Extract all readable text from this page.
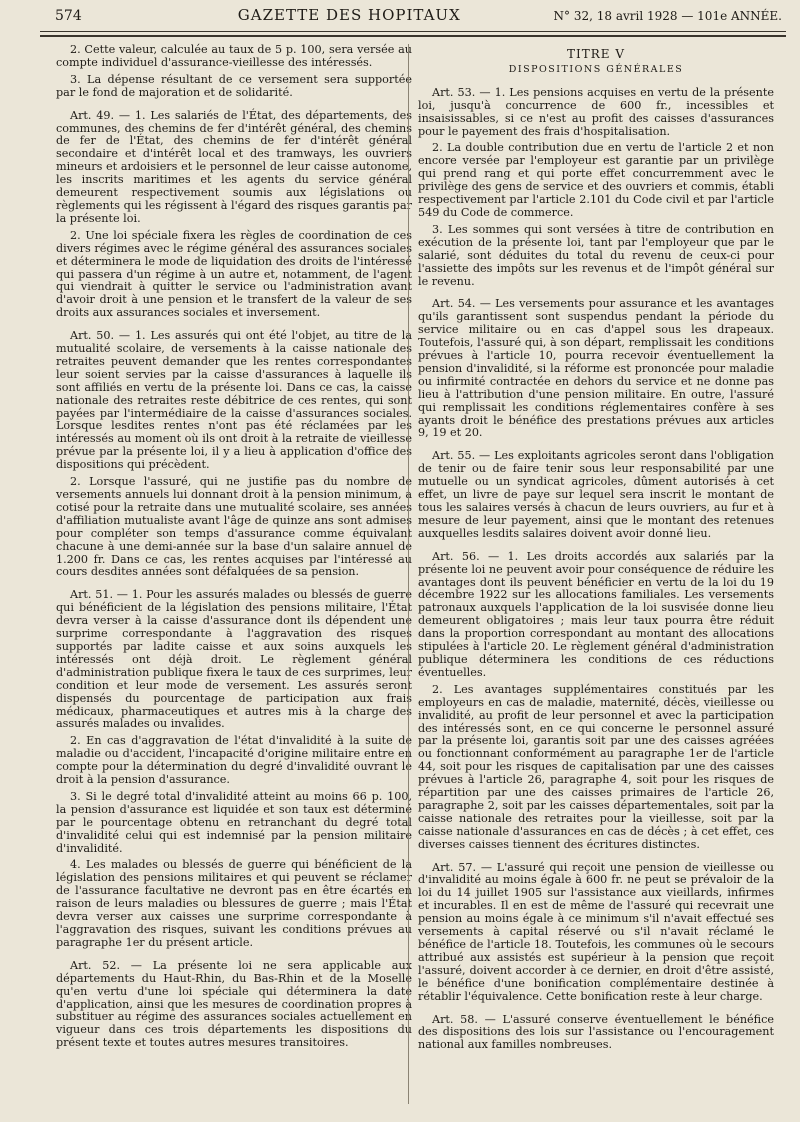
574	GAZETTE DES HOPITAUX	N° 32, 18 avril 1928 — 101e ANNÉE.

2. Cette valeur, calculée au taux de 5 p. 100, sera versée au compte individuel d'assurance-vieillesse des intéressés.

3. La dépense résultant de ce versement sera supportée par le fond de majoration et de solidarité.

Art. 49. — 1. Les salariés de l'État, des départements, des communes, des chemins de fer d'intérêt général, des chemins de fer de l'État, des chemins de fer d'intérêt général secondaire et d'intérêt local et des tramways, les ouvriers mineurs et ardoisiers et le personnel de leur caisse autonome, les inscrits maritimes et les agents du service général demeurent respectivement soumis aux législations ou règlements qui les régissent à l'égard des risques garantis par la présente loi.

2. Une loi spéciale fixera les règles de coordination de ces divers régimes avec le régime général des assurances sociales et déterminera le mode de liquidation des droits de l'intéressé qui passera d'un régime à un autre et, notamment, de l'agent qui viendrait à quitter le service ou l'administration avant d'avoir droit à une pension et le transfert de la valeur de ses droits aux assurances sociales et inversement.

Art. 50. — 1. Les assurés qui ont été l'objet, au titre de la mutualité scolaire, de versements à la caisse nationale des retraites peuvent demander que les rentes correspondantes leur soient servies par la caisse d'assurances à laquelle ils sont affiliés en vertu de la présente loi. Dans ce cas, la caisse nationale des retraites reste débitrice de ces rentes, qui sont payées par l'intermédiaire de la caisse d'assurances sociales. Lorsque lesdites rentes n'ont pas été réclamées par les intéressés au moment où ils ont droit à la retraite de vieillesse prévue par la présente loi, il y a lieu à application d'office des dispositions qui précèdent.

2. Lorsque l'assuré, qui ne justifie pas du nombre de versements annuels lui donnant droit à la pension minimum, a cotisé pour la retraite dans une mutualité scolaire, ses années d'affiliation mutualiste avant l'âge de quinze ans sont admises pour compléter son temps d'assurance comme équivalant chacune à une demi-année sur la base d'un salaire annuel de 1.200 fr. Dans ce cas, les rentes acquises par l'intéressé au cours desdites années sont défalquées de sa pension.

Art. 51. — 1. Pour les assurés malades ou blessés de guerre qui bénéficient de la législation des pensions militaire, l'État devra verser à la caisse d'assurance dont ils dépendent une surprime correspondante à l'aggravation des risques supportés par ladite caisse et aux soins auxquels les intéressés ont déjà droit. Le règlement général d'administration publique fixera le taux de ces surprimes, leur condition et leur mode de versement. Les assurés seront dispensés du pourcentage de participation aux frais médicaux, pharmaceutiques et autres mis à la charge des assurés malades ou invalides.

2. En cas d'aggravation de l'état d'invalidité à la suite de maladie ou d'accident, l'incapacité d'origine militaire entre en compte pour la détermination du degré d'invalidité ouvrant le droit à la pension d'assurance.

3. Si le degré total d'invalidité atteint au moins 66 p. 100, la pension d'assurance est liquidée et son taux est déterminé par le pourcentage obtenu en retranchant du degré total d'invalidité celui qui est indemnisé par la pension militaire d'invalidité.

4. Les malades ou blessés de guerre qui bénéficient de la législation des pensions militaires et qui peuvent se réclamer de l'assurance facultative ne devront pas en être écartés en raison de leurs maladies ou blessures de guerre ; mais l'État devra verser aux caisses une surprime correspondante à l'aggravation des risques, suivant les conditions prévues au paragraphe 1er du présent article.

Art. 52. — La présente loi ne sera applicable aux départements du Haut-Rhin, du Bas-Rhin et de la Moselle qu'en vertu d'une loi spéciale qui déterminera la date d'application, ainsi que les mesures de coordination propres à substituer au régime des assurances sociales actuellement en vigueur dans ces trois départements les dispositions du présent texte et toutes autres mesures transitoires.

TITRE V
DISPOSITIONS GÉNÉRALES

Art. 53. — 1. Les pensions acquises en vertu de la présente loi, jusqu'à concurrence de 600 fr., incessibles et insaisissables, si ce n'est au profit des caisses d'assurances pour le payement des frais d'hospitalisation.

2. La double contribution due en vertu de l'article 2 et non encore versée par l'employeur est garantie par un privilège qui prend rang et qui porte effet concurremment avec le privilège des gens de service et des ouvriers et commis, établi respectivement par l'article 2.101 du Code civil et par l'article 549 du Code de commerce.

3. Les sommes qui sont versées à titre de contribution en exécution de la présente loi, tant par l'employeur que par le salarié, sont déduites du total du revenu de ceux-ci pour l'assiette des impôts sur les revenus et de l'impôt général sur le revenu.

Art. 54. — Les versements pour assurance et les avantages qu'ils garantissent sont suspendus pendant la période du service militaire ou en cas d'appel sous les drapeaux. Toutefois, l'assuré qui, à son départ, remplissait les conditions prévues à l'article 10, pourra recevoir éventuellement la pension d'invalidité, si la réforme est prononcée pour maladie ou infirmité contractée en dehors du service et ne donne pas lieu à l'attribution d'une pension militaire. En outre, l'assuré qui remplissait les conditions réglementaires confère à ses ayants droit le bénéfice des prestations prévues aux articles 9, 19 et 20.

Art. 55. — Les exploitants agricoles seront dans l'obligation de tenir ou de faire tenir sous leur responsabilité par une mutuelle ou un syndicat agricoles, dûment autorisés à cet effet, un livre de paye sur lequel sera inscrit le montant de tous les salaires versés à chacun de leurs ouvriers, au fur et à mesure de leur payement, ainsi que le montant des retenues auxquelles lesdits salaires doivent avoir donné lieu.

Art. 56. — 1. Les droits accordés aux salariés par la présente loi ne peuvent avoir pour conséquence de réduire les avantages dont ils peuvent bénéficier en vertu de la loi du 19 décembre 1922 sur les allocations familiales. Les versements patronaux auxquels l'application de la loi susvisée donne lieu demeurent obligatoires ; mais leur taux pourra être réduit dans la proportion correspondant au montant des allocations stipulées à l'article 20. Le règlement général d'administration publique déterminera les conditions de ces réductions éventuelles.

2. Les avantages supplémentaires constitués par les employeurs en cas de maladie, maternité, décès, vieillesse ou invalidité, au profit de leur personnel et avec la participation des intéressés sont, en ce qui concerne le personnel assuré par la présente loi, garantis soit par une des caisses agréées ou fonctionnant conformément au paragraphe 1er de l'article 44, soit pour les risques de capitalisation par une des caisses prévues à l'article 26, paragraphe 4, soit pour les risques de répartition par une des caisses primaires de l'article 26, paragraphe 2, soit par les caisses départementales, soit par la caisse nationale des retraites pour la vieillesse, soit par la caisse nationale d'assurances en cas de décès ; à cet effet, ces diverses caisses tiennent des écritures distinctes.

Art. 57. — L'assuré qui reçoit une pension de vieillesse ou d'invalidité au moins égale à 600 fr. ne peut se prévaloir de la loi du 14 juillet 1905 sur l'assistance aux vieillards, infirmes et incurables. Il en est de même de l'assuré qui recevrait une pension au moins égale à ce minimum s'il n'avait effectué ses versements à capital réservé ou s'il n'avait réclamé le bénéfice de l'article 18. Toutefois, les communes où le secours attribué aux assistés est supérieur à la pension que reçoit l'assuré, doivent accorder à ce dernier, en droit d'être assisté, le bénéfice d'une bonification complémentaire destinée à rétablir l'équivalence. Cette bonification reste à leur charge.

Art. 58. — L'assuré conserve éventuellement le bénéfice des dispositions des lois sur l'assistance ou l'encouragement national aux familles nombreuses.
